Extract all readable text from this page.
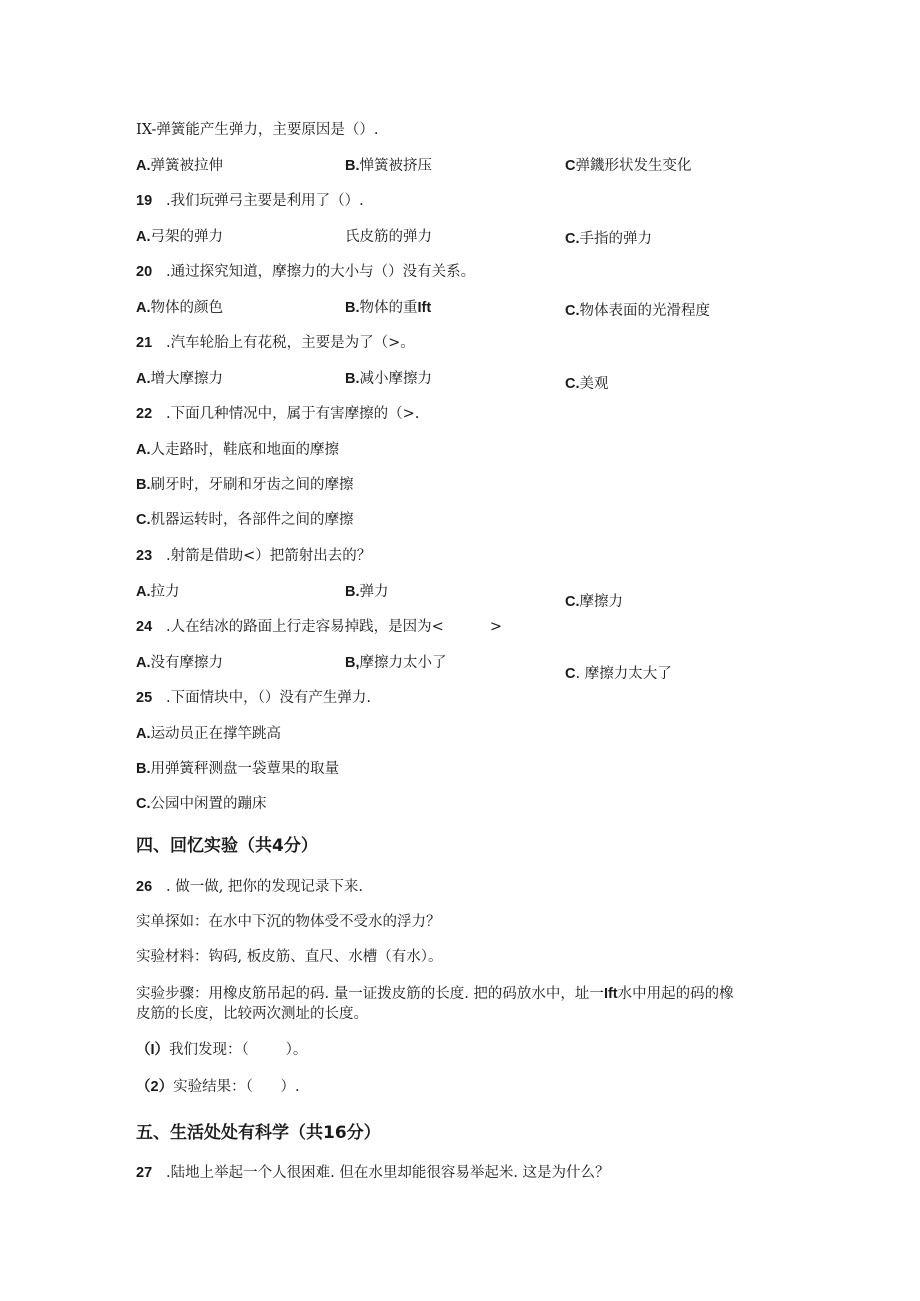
IX-弹簧能产生弹力，主要原因是（）.
A.弹簧被拉伸	B.惮簧被挤压	C弹鐖形状发生变化
19 .我们玩弹弓主要是利用了（）.
A.弓架的弹力	氏皮筋的弹力	C.手指的弹力
20 .通过探究知道，摩擦力的大小与（）没有关系。
A.物体的颜色	B.物体的重Ift	C.物体表面的光滑程度
21 .汽车轮胎上有花税，主要是为了（>。
A.增大摩擦力	B.减小摩擦力	C.美观
22 .下面几种情况中，属于有害摩擦的（>.
A.人走路时，鞋底和地面的摩擦
B.刷牙时，牙刷和牙齿之间的摩擦
C.机器运转时，各部件之间的摩擦
23 .射箭是借助<）把箭射出去的？
A.拉力	B.弹力
C.摩擦力
24 .人在结冰的路面上行走容易掉践，是因为<          >
A.没有摩擦力	B,摩擦力太小了
C. 摩擦力太大了
25 .下面情块中，（）没有产生弹力.
A.运动员正在撑竿跳高
B.用弹簧秤测盘一袋蕈果的取量
C.公园中闲置的蹦床
四、回忆实验（共4分）
26 . 做一做, 把你的发现记录下来.
实单探如：在水中下沉的物体受不受水的浮力？
实验材料：钩码, 板皮筋、直尺、水槽（有水）。
实验步骤：用橡皮筋吊起的码. 量一证拨皮筋的长度. 把的码放水中，址一Ift水中用起的码的橡
皮筋的长度，比较两次测址的长度。
（I）我们发现：（        ）。
（2）实验结果：（      ）.
五、生活处处有科学（共16分）
27 .陆地上举起一个人很困难. 但在水里却能很容易举起米. 这是为什么？
